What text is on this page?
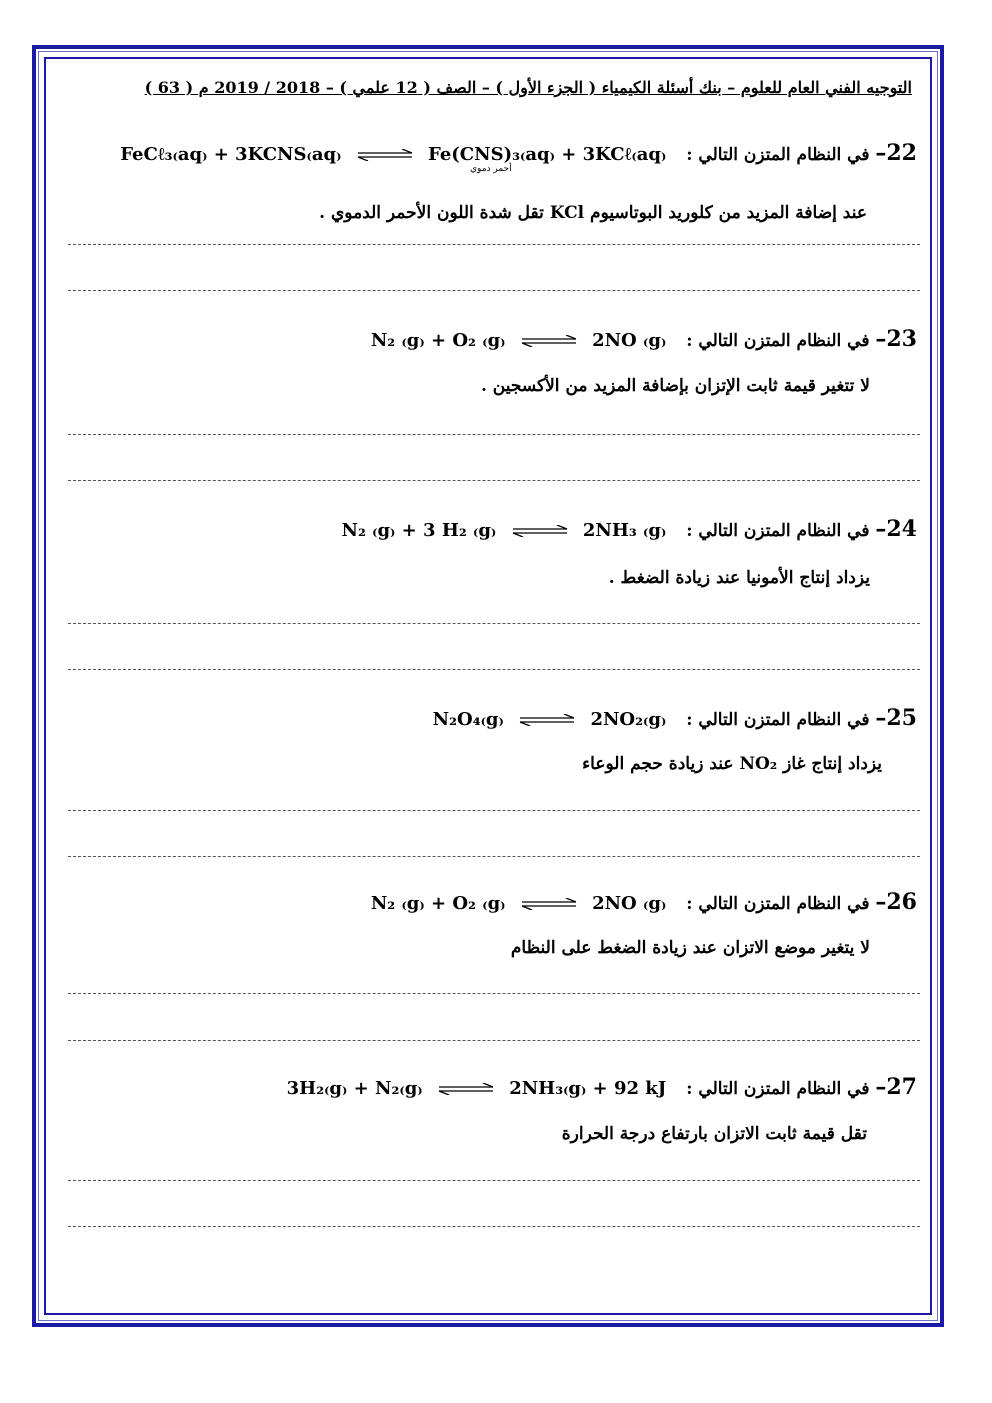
التوجيه الفني العام للعلوم – بنك أسئلة الكيمياء ( الجزء الأول ) – الصف ( 12 علمي ) – 2018 / 2019 م ( 63 )
22– في النظام المتزن التالي : FeCℓ₃₍aq₎ + 3KCNS₍aq₎ ⇌ Fe(CNS)₃₍aq₎ + 3KCℓ₍aq₎
أحمر دموي
عند إضافة المزيد من كلوريد البوتاسيوم KCl تقل شدة اللون الأحمر الدموي .
23– في النظام المتزن التالي : N₂ ₍g₎ + O₂ ₍g₎ ⇌ 2NO ₍g₎
لا تتغير قيمة ثابت الإتزان بإضافة المزيد من الأكسجين .
24– في النظام المتزن التالي : N₂ ₍g₎ + 3 H₂ ₍g₎ ⇌ 2NH₃ ₍g₎
يزداد إنتاج الأمونيا عند زيادة الضغط .
25– في النظام المتزن التالي : N₂O₄₍g₎ ⇌ 2NO₂₍g₎
يزداد إنتاج غاز NO₂ عند زيادة حجم الوعاء
26– في النظام المتزن التالي : N₂ ₍g₎ + O₂ ₍g₎ ⇌ 2NO ₍g₎
لا يتغير موضع الاتزان عند زيادة الضغط على النظام
27– في النظام المتزن التالي : 3H₂₍g₎ + N₂₍g₎ ⇌ 2NH₃₍g₎ + 92 kJ
تقل قيمة ثابت الاتزان بارتفاع درجة الحرارة
